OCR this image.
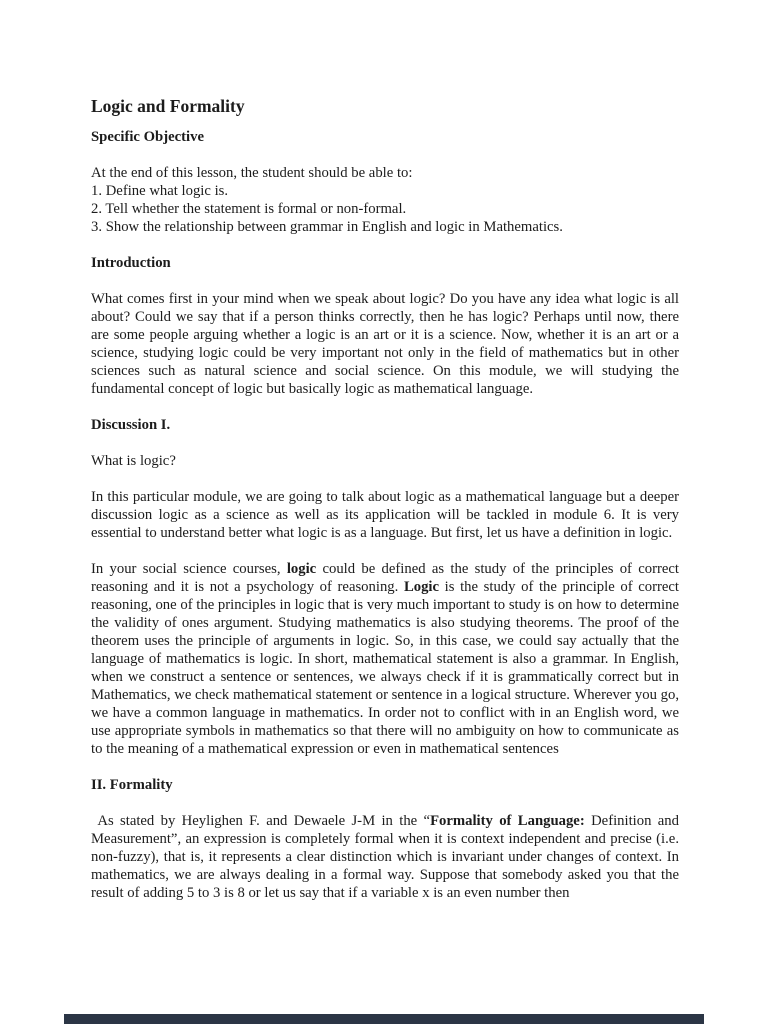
Logic and Formality
Specific Objective
At the end of this lesson, the student should be able to:
1. Define what logic is.
2. Tell whether the statement is formal or non-formal.
3. Show the relationship between grammar in English and logic in Mathematics.
Introduction

What comes first in your mind when we speak about logic? Do you have any idea what logic is all about? Could we say that if a person thinks correctly, then he has logic? Perhaps until now, there are some people arguing whether a logic is an art or it is a science. Now, whether it is an art or a science, studying logic could be very important not only in the field of mathematics but in other sciences such as natural science and social science. On this module, we will studying the fundamental concept of logic but basically logic as mathematical language.

Discussion I.

What is logic?

In this particular module, we are going to talk about logic as a mathematical language but a deeper discussion logic as a science as well as its application will be tackled in module 6. It is very essential to understand better what logic is as a language. But first, let us have a definition in logic.

In your social science courses, logic could be defined as the study of the principles of correct reasoning and it is not a psychology of reasoning. Logic is the study of the principle of correct reasoning, one of the principles in logic that is very much important to study is on how to determine the validity of ones argument. Studying mathematics is also studying theorems. The proof of the theorem uses the principle of arguments in logic. So, in this case, we could say actually that the language of mathematics is logic. In short, mathematical statement is also a grammar. In English, when we construct a sentence or sentences, we always check if it is grammatically correct but in Mathematics, we check mathematical statement or sentence in a logical structure. Wherever you go, we have a common language in mathematics. In order not to conflict with in an English word, we use appropriate symbols in mathematics so that there will no ambiguity on how to communicate as to the meaning of a mathematical expression or even in mathematical sentences

II. Formality

As stated by Heylighen F. and Dewaele J-M in the “Formality of Language: Definition and Measurement”, an expression is completely formal when it is context independent and precise (i.e. non-fuzzy), that is, it represents a clear distinction which is invariant under changes of context. In mathematics, we are always dealing in a formal way. Suppose that somebody asked you that the result of adding 5 to 3 is 8 or let us say that if a variable x is an even number then
